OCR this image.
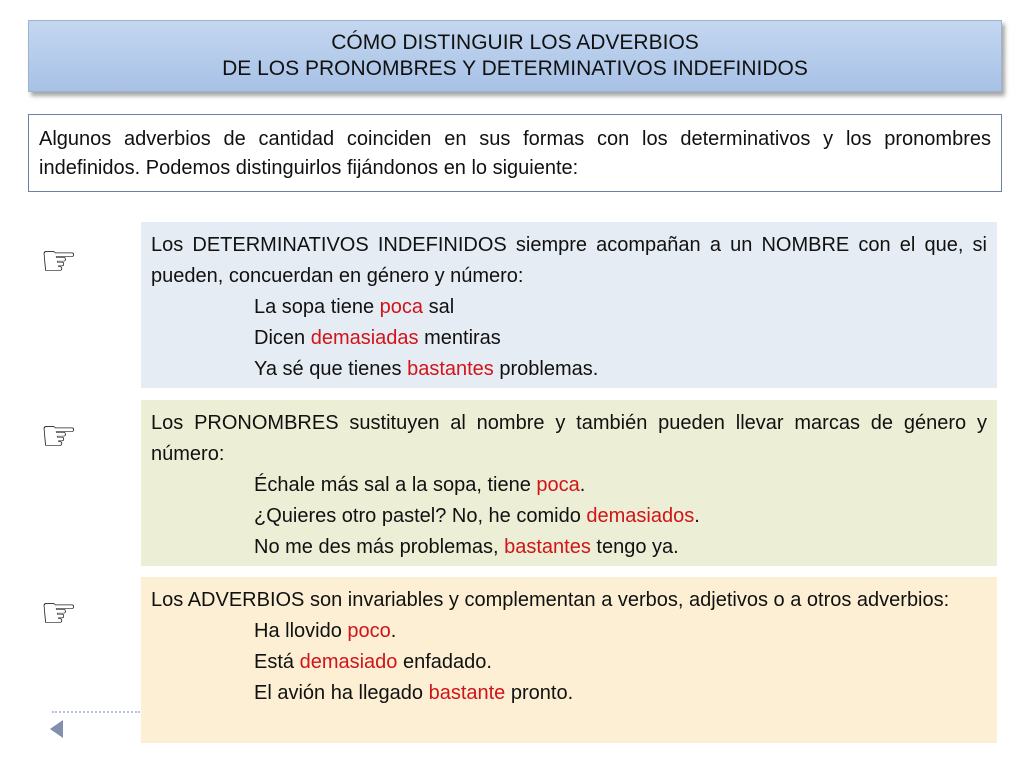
CÓMO DISTINGUIR LOS ADVERBIOS
DE LOS PRONOMBRES Y DETERMINATIVOS INDEFINIDOS
Algunos adverbios de cantidad coinciden en sus formas con los determinativos y los pronombres indefinidos. Podemos distinguirlos fijándonos en lo siguiente:
☞	Los DETERMINATIVOS INDEFINIDOS siempre acompañan a un NOMBRE con el que, si pueden, concuerdan en género y número:
La sopa tiene poca sal
Dicen demasiadas mentiras
Ya sé que tienes bastantes problemas.
☞	Los PRONOMBRES sustituyen al nombre y también pueden llevar marcas de género y número:
Échale más sal a la sopa, tiene poca.
¿Quieres otro pastel? No, he comido demasiados.
No me des más problemas, bastantes tengo ya.
☞	Los ADVERBIOS son invariables y complementan a verbos, adjetivos o a otros adverbios:
Ha llovido poco.
Está demasiado enfadado.
El avión ha llegado bastante pronto.
